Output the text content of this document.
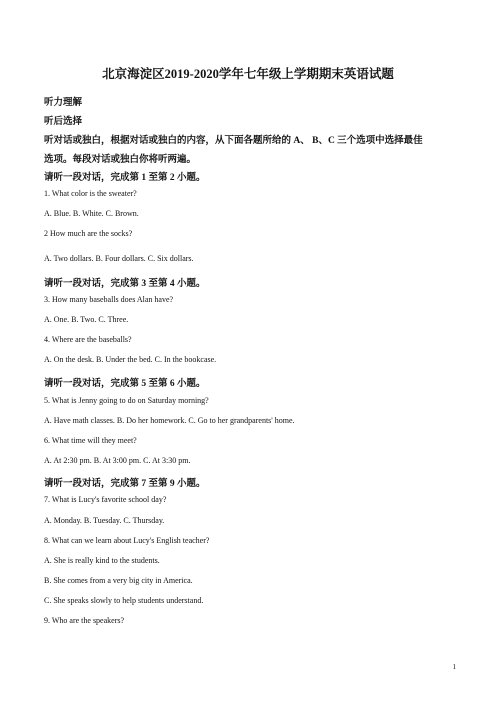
北京海淀区2019-2020学年七年级上学期期末英语试题
听力理解
听后选择
听对话或独白，根据对话或独白的内容，从下面各题所给的 A、 B、C 三个选项中选择最佳
选项。每段对话或独白你将听两遍。
请听一段对话，完成第 1 至第 2 小题。
1. What color is the sweater?
A. Blue. B. White. C. Brown.
2 How much are the socks?
A. Two dollars. B. Four dollars. C. Six dollars.
请听一段对话，完成第 3 至第 4 小题。
3. How many baseballs does Alan have?
A. One. B. Two. C. Three.
4. Where are the baseballs?
A. On the desk. B. Under the bed. C. In the bookcase.
请听一段对话，完成第 5 至第 6 小题。
5. What is Jenny going to do on Saturday morning?
A. Have math classes. B. Do her homework. C. Go to her grandparents' home.
6. What time will they meet?
A. At 2:30 pm. B. At 3:00 pm. C. At 3:30 pm.
请听一段对话，完成第 7 至第 9 小题。
7. What is Lucy's favorite school day?
A. Monday. B. Tuesday. C. Thursday.
8. What can we learn about Lucy's English teacher?
A. She is really kind to the students.
B. She comes from a very big city in America.
C. She speaks slowly to help students understand.
9. Who are the speakers?
1
